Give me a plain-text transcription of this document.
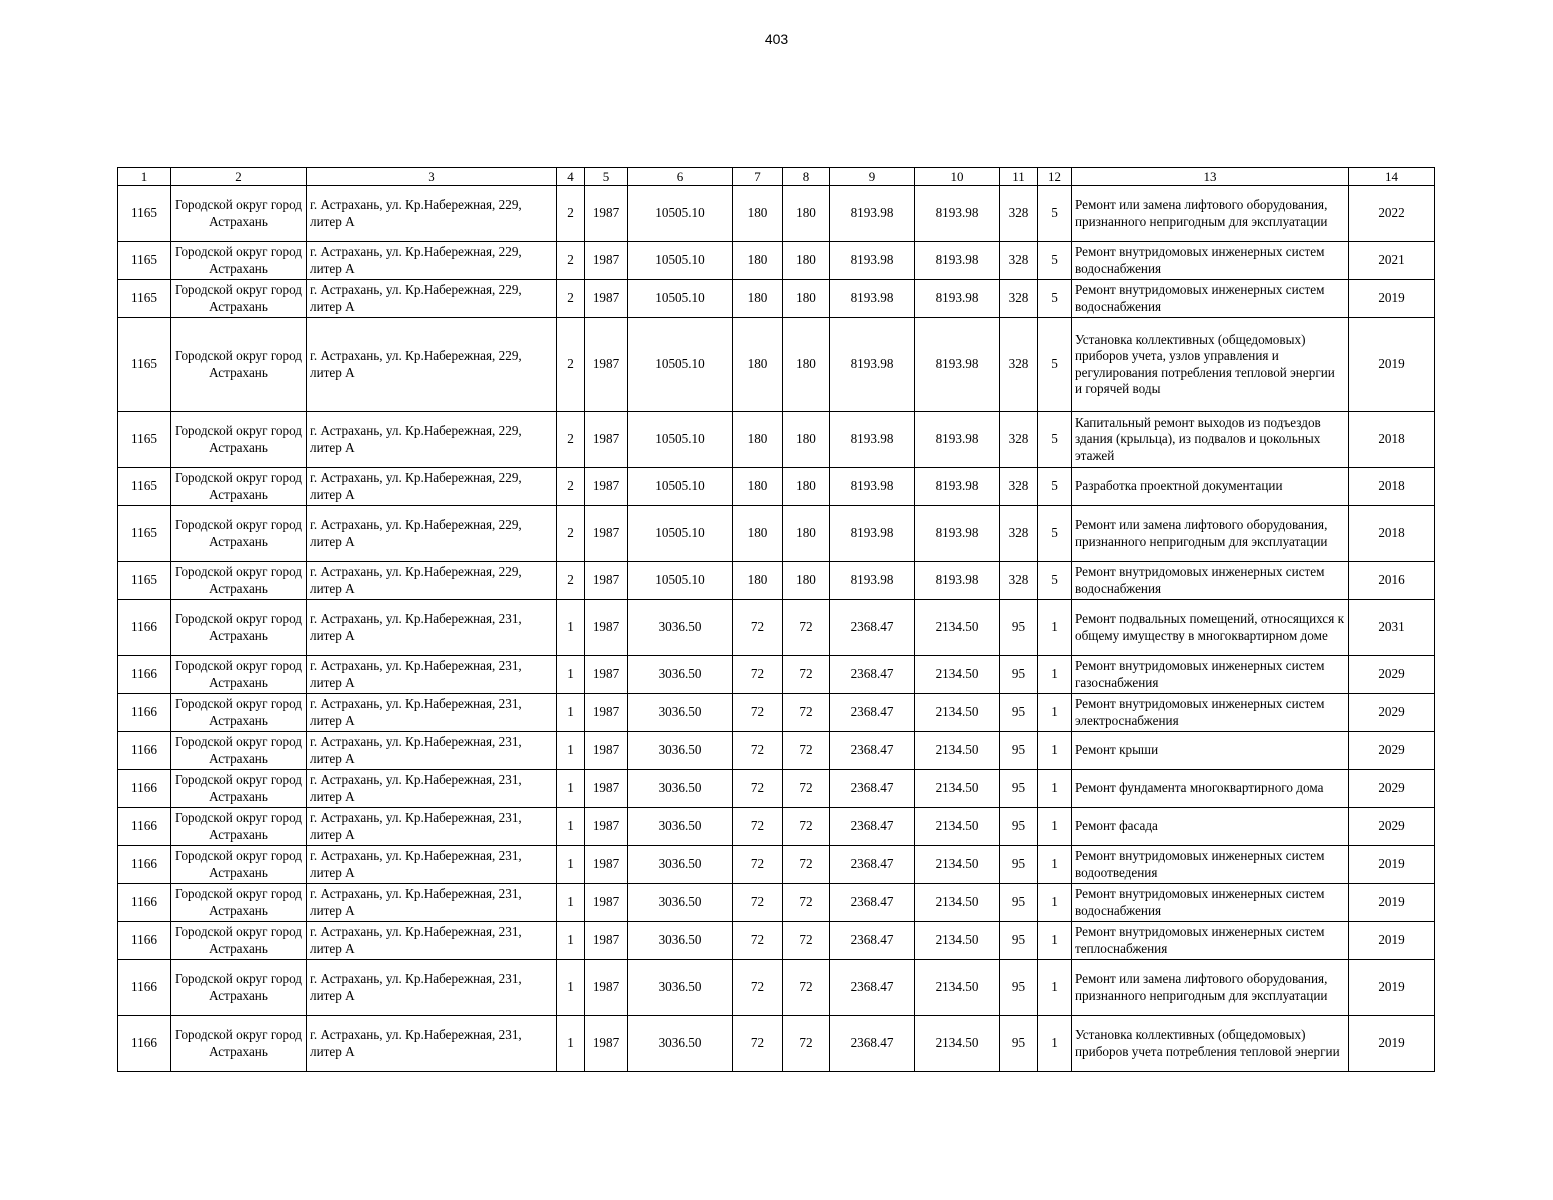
403
1	2	3	4	5	6	7	8	9	10	11	12	13	14
1165	Городской округ город Астрахань	г. Астрахань, ул. Кр.Набережная, 229, литер А	2	1987	10505.10	180	180	8193.98	8193.98	328	5	Ремонт или замена лифтового оборудования, признанного непригодным для эксплуатации	2022
1165	Городской округ город Астрахань	г. Астрахань, ул. Кр.Набережная, 229, литер А	2	1987	10505.10	180	180	8193.98	8193.98	328	5	Ремонт внутридомовых инженерных систем водоснабжения	2021
1165	Городской округ город Астрахань	г. Астрахань, ул. Кр.Набережная, 229, литер А	2	1987	10505.10	180	180	8193.98	8193.98	328	5	Ремонт внутридомовых инженерных систем водоснабжения	2019
1165	Городской округ город Астрахань	г. Астрахань, ул. Кр.Набережная, 229, литер А	2	1987	10505.10	180	180	8193.98	8193.98	328	5	Установка коллективных (общедомовых) приборов учета, узлов управления и регулирования потребления тепловой энергии и горячей воды	2019
1165	Городской округ город Астрахань	г. Астрахань, ул. Кр.Набережная, 229, литер А	2	1987	10505.10	180	180	8193.98	8193.98	328	5	Капитальный ремонт выходов из подъездов здания (крыльца), из подвалов и цокольных этажей	2018
1165	Городской округ город Астрахань	г. Астрахань, ул. Кр.Набережная, 229, литер А	2	1987	10505.10	180	180	8193.98	8193.98	328	5	Разработка проектной документации	2018
1165	Городской округ город Астрахань	г. Астрахань, ул. Кр.Набережная, 229, литер А	2	1987	10505.10	180	180	8193.98	8193.98	328	5	Ремонт или замена лифтового оборудования, признанного непригодным для эксплуатации	2018
1165	Городской округ город Астрахань	г. Астрахань, ул. Кр.Набережная, 229, литер А	2	1987	10505.10	180	180	8193.98	8193.98	328	5	Ремонт внутридомовых инженерных систем водоснабжения	2016
1166	Городской округ город Астрахань	г. Астрахань, ул. Кр.Набережная, 231, литер А	1	1987	3036.50	72	72	2368.47	2134.50	95	1	Ремонт подвальных помещений, относящихся к общему имуществу в многоквартирном доме	2031
1166	Городской округ город Астрахань	г. Астрахань, ул. Кр.Набережная, 231, литер А	1	1987	3036.50	72	72	2368.47	2134.50	95	1	Ремонт внутридомовых инженерных систем газоснабжения	2029
1166	Городской округ город Астрахань	г. Астрахань, ул. Кр.Набережная, 231, литер А	1	1987	3036.50	72	72	2368.47	2134.50	95	1	Ремонт внутридомовых инженерных систем электроснабжения	2029
1166	Городской округ город Астрахань	г. Астрахань, ул. Кр.Набережная, 231, литер А	1	1987	3036.50	72	72	2368.47	2134.50	95	1	Ремонт крыши	2029
1166	Городской округ город Астрахань	г. Астрахань, ул. Кр.Набережная, 231, литер А	1	1987	3036.50	72	72	2368.47	2134.50	95	1	Ремонт фундамента многоквартирного дома	2029
1166	Городской округ город Астрахань	г. Астрахань, ул. Кр.Набережная, 231, литер А	1	1987	3036.50	72	72	2368.47	2134.50	95	1	Ремонт фасада	2029
1166	Городской округ город Астрахань	г. Астрахань, ул. Кр.Набережная, 231, литер А	1	1987	3036.50	72	72	2368.47	2134.50	95	1	Ремонт внутридомовых инженерных систем водоотведения	2019
1166	Городской округ город Астрахань	г. Астрахань, ул. Кр.Набережная, 231, литер А	1	1987	3036.50	72	72	2368.47	2134.50	95	1	Ремонт внутридомовых инженерных систем водоснабжения	2019
1166	Городской округ город Астрахань	г. Астрахань, ул. Кр.Набережная, 231, литер А	1	1987	3036.50	72	72	2368.47	2134.50	95	1	Ремонт внутридомовых инженерных систем теплоснабжения	2019
1166	Городской округ город Астрахань	г. Астрахань, ул. Кр.Набережная, 231, литер А	1	1987	3036.50	72	72	2368.47	2134.50	95	1	Ремонт или замена лифтового оборудования, признанного непригодным для эксплуатации	2019
1166	Городской округ город Астрахань	г. Астрахань, ул. Кр.Набережная, 231, литер А	1	1987	3036.50	72	72	2368.47	2134.50	95	1	Установка коллективных (общедомовых) приборов учета потребления тепловой энергии	2019
